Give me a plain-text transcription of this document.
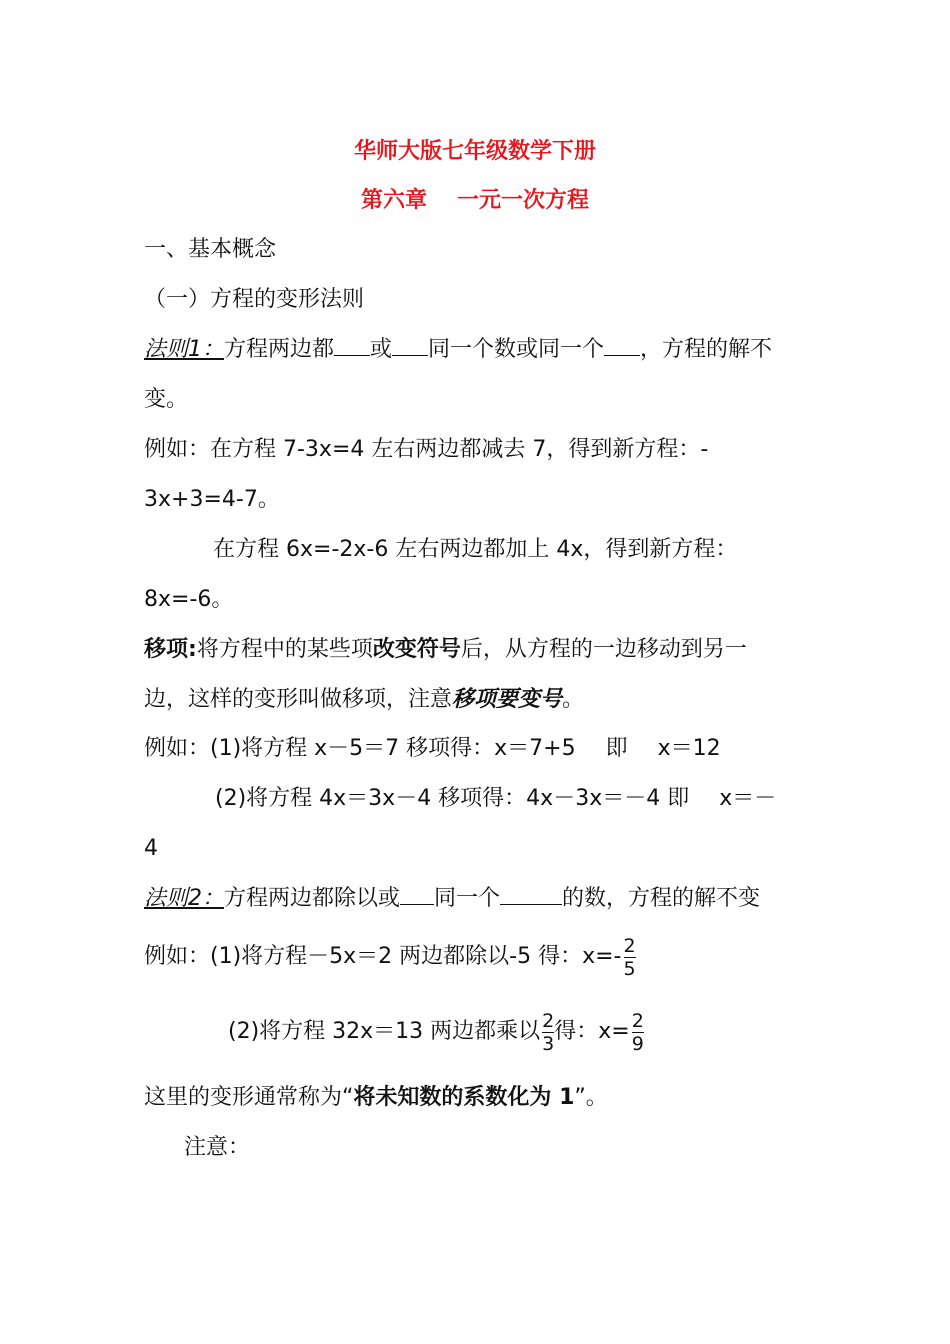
华师大版七年级数学下册
第六章 一元一次方程
一、基本概念
（一）方程的变形法则
法则1：方程两边都 或 同一个数或同一个 ，方程的解不
变。
例如：在方程 7-3x=4 左右两边都减去 7，得到新方程：-
3x+3=4-7。
在方程 6x=-2x-6 左右两边都加上 4x，得到新方程：
8x=-6。
移项:将方程中的某些项改变符号后，从方程的一边移动到另一
边，这样的变形叫做移项，注意移项要变号。
例如：(1)将方程 x－5＝7 移项得：x＝7+5 即 x＝12
(2)将方程 4x＝3x－4 移项得：4x－3x＝－4 即 x＝－
4
法则2：方程两边都除以或 同一个	的数，方程的解不变
例如：(1)将方程－5x＝2 两边都除以-5 得：$x=- \frac{2}{5}$
(2)将方程 32x＝13 两边都乘以 $\frac{2}{3}$ 得：$x= \frac{2}{9}$
这里的变形通常称为“将未知数的系数化为 1”。
注意：
